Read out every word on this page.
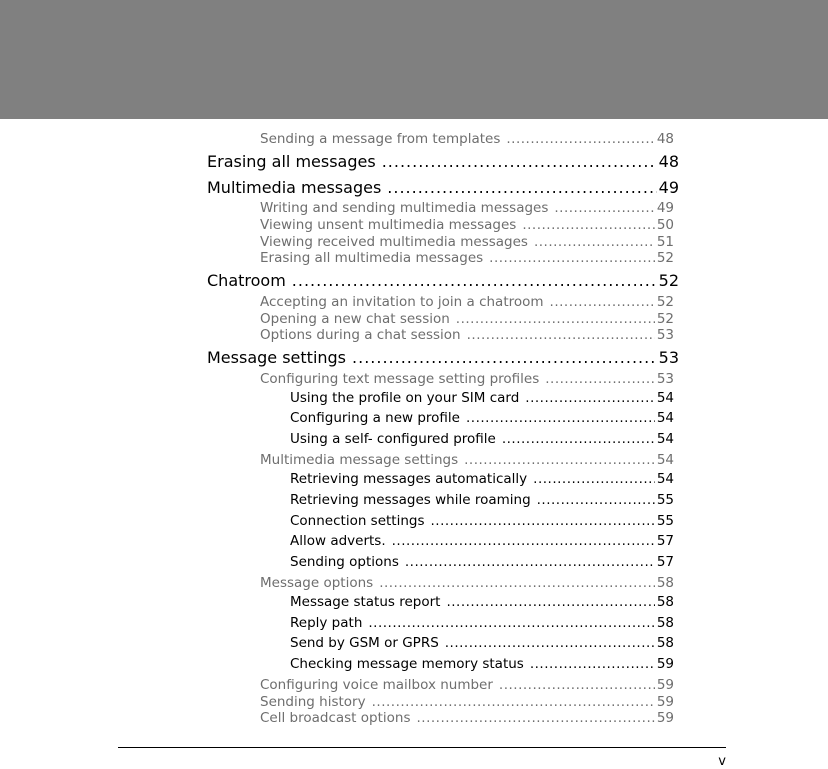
Sending a message from templates .....	48
Erasing all messages .....	48
Multimedia messages .....	49
Writing and sending multimedia messages .....	49
Viewing unsent multimedia messages .....	50
Viewing received multimedia messages .....	51
Erasing all multimedia messages .....	52
Chatroom .....	52
Accepting an invitation to join a chatroom .....	52
Opening a new chat session .....	52
Options during a chat session .....	53
Message settings .....	53
Configuring text message setting profiles .....	53
Using the profile on your SIM card .....	54
Configuring a new profile .....	54
Using a self- configured profile .....	54
Multimedia message settings .....	54
Retrieving messages automatically .....	54
Retrieving messages while roaming .....	55
Connection settings .....	55
Allow adverts. .....	57
Sending options .....	57
Message options .....	58
Message status report .....	58
Reply path .....	58
Send by GSM or GPRS .....	58
Checking message memory status .....	59
Configuring voice mailbox number .....	59
Sending history .....	59
Cell broadcast options .....	59
v
